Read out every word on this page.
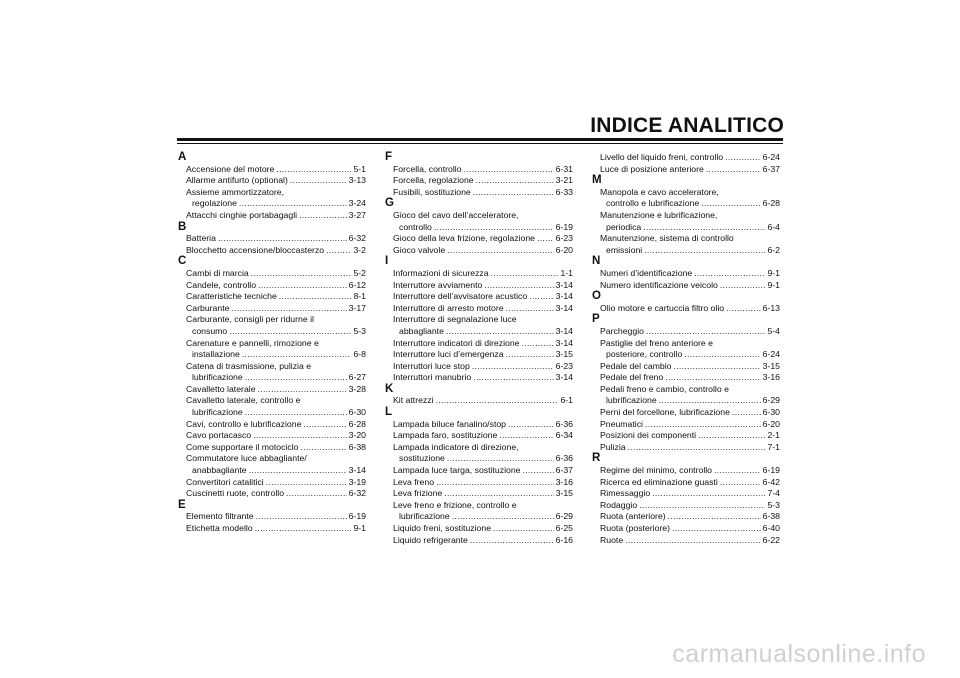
INDICE ANALITICO
A
Accensione del motore .....	5-1
Allarme antifurto (optional) .....	3-13
Assieme ammortizzatore,
regolazione .....	3-24
Attacchi cinghie portabagagli .....	3-27
B
Batteria .....	6-32
Blocchetto accensione/bloccasterzo .....	3-2
C
Cambi di marcia .....	5-2
Candele, controllo .....	6-12
Caratteristiche tecniche .....	8-1
Carburante .....	3-17
Carburante, consigli per ridurne il
consumo .....	5-3
Carenature e pannelli, rimozione e
installazione .....	6-8
Catena di trasmissione, pulizia e
lubrificazione .....	6-27
Cavalletto laterale .....	3-28
Cavalletto laterale, controllo e
lubrificazione .....	6-30
Cavi, controllo e lubrificazione .....	6-28
Cavo portacasco .....	3-20
Come supportare il motociclo .....	6-38
Commutatore luce abbagliante/
anabbagliante .....	3-14
Convertitori catalitici .....	3-19
Cuscinetti ruote, controllo .....	6-32
E
Elemento filtrante .....	6-19
Etichetta modello .....	9-1
F
Forcella, controllo .....	6-31
Forcella, regolazione .....	3-21
Fusibili, sostituzione .....	6-33
G
Gioco del cavo dell’acceleratore,
controllo .....	6-19
Gioco della leva frizione, regolazione ..... 6-23
Gioco valvole .....	6-20
I
Informazioni di sicurezza .....	1-1
Interruttore avviamento .....	3-14
Interruttore dell’avvisatore acustico .....	3-14
Interruttore di arresto motore .....	3-14
Interruttore di segnalazione luce
abbagliante .....	3-14
Interruttore indicatori di direzione .....	3-14
Interruttore luci d’emergenza .....	3-15
Interruttori luce stop .....	6-23
Interruttori manubrio .....	3-14
K
Kit attrezzi .....	6-1
L
Lampada biluce fanalino/stop .....	6-36
Lampada faro, sostituzione .....	6-34
Lampada indicatore di direzione,
sostituzione .....	6-36
Lampada luce targa, sostituzione .....	6-37
Leva freno .....	3-16
Leva frizione .....	3-15
Leve freno e frizione, controllo e
lubrificazione .....	6-29
Liquido freni, sostituzione .....	6-25
Liquido refrigerante .....	6-16
Livello del liquido freni, controllo .....	6-24
Luce di posizione anteriore .....	6-37
M
Manopola e cavo acceleratore,
controllo e lubrificazione .....	6-28
Manutenzione e lubrificazione,
periodica .....	6-4
Manutenzione, sistema di controllo
emissioni .....	6-2
N
Numeri d’identificazione .....	9-1
Numero identificazione veicolo .....	9-1
O
Olio motore e cartuccia filtro olio .....	6-13
P
Parcheggio .....	5-4
Pastiglie del freno anteriore e
posteriore, controllo .....	6-24
Pedale del cambio .....	3-15
Pedale del freno .....	3-16
Pedali freno e cambio, controllo e
lubrificazione .....	6-29
Perni del forcellone, lubrificazione .....	6-30
Pneumatici .....	6-20
Posizioni dei componenti .....	2-1
Pulizia .....	7-1
R
Regime del minimo, controllo .....	6-19
Ricerca ed eliminazione guasti .....	6-42
Rimessaggio .....	7-4
Rodaggio .....	5-3
Ruota (anteriore) .....	6-38
Ruota (posteriore) .....	6-40
Ruote .....	6-22
carmanualsonline.info
